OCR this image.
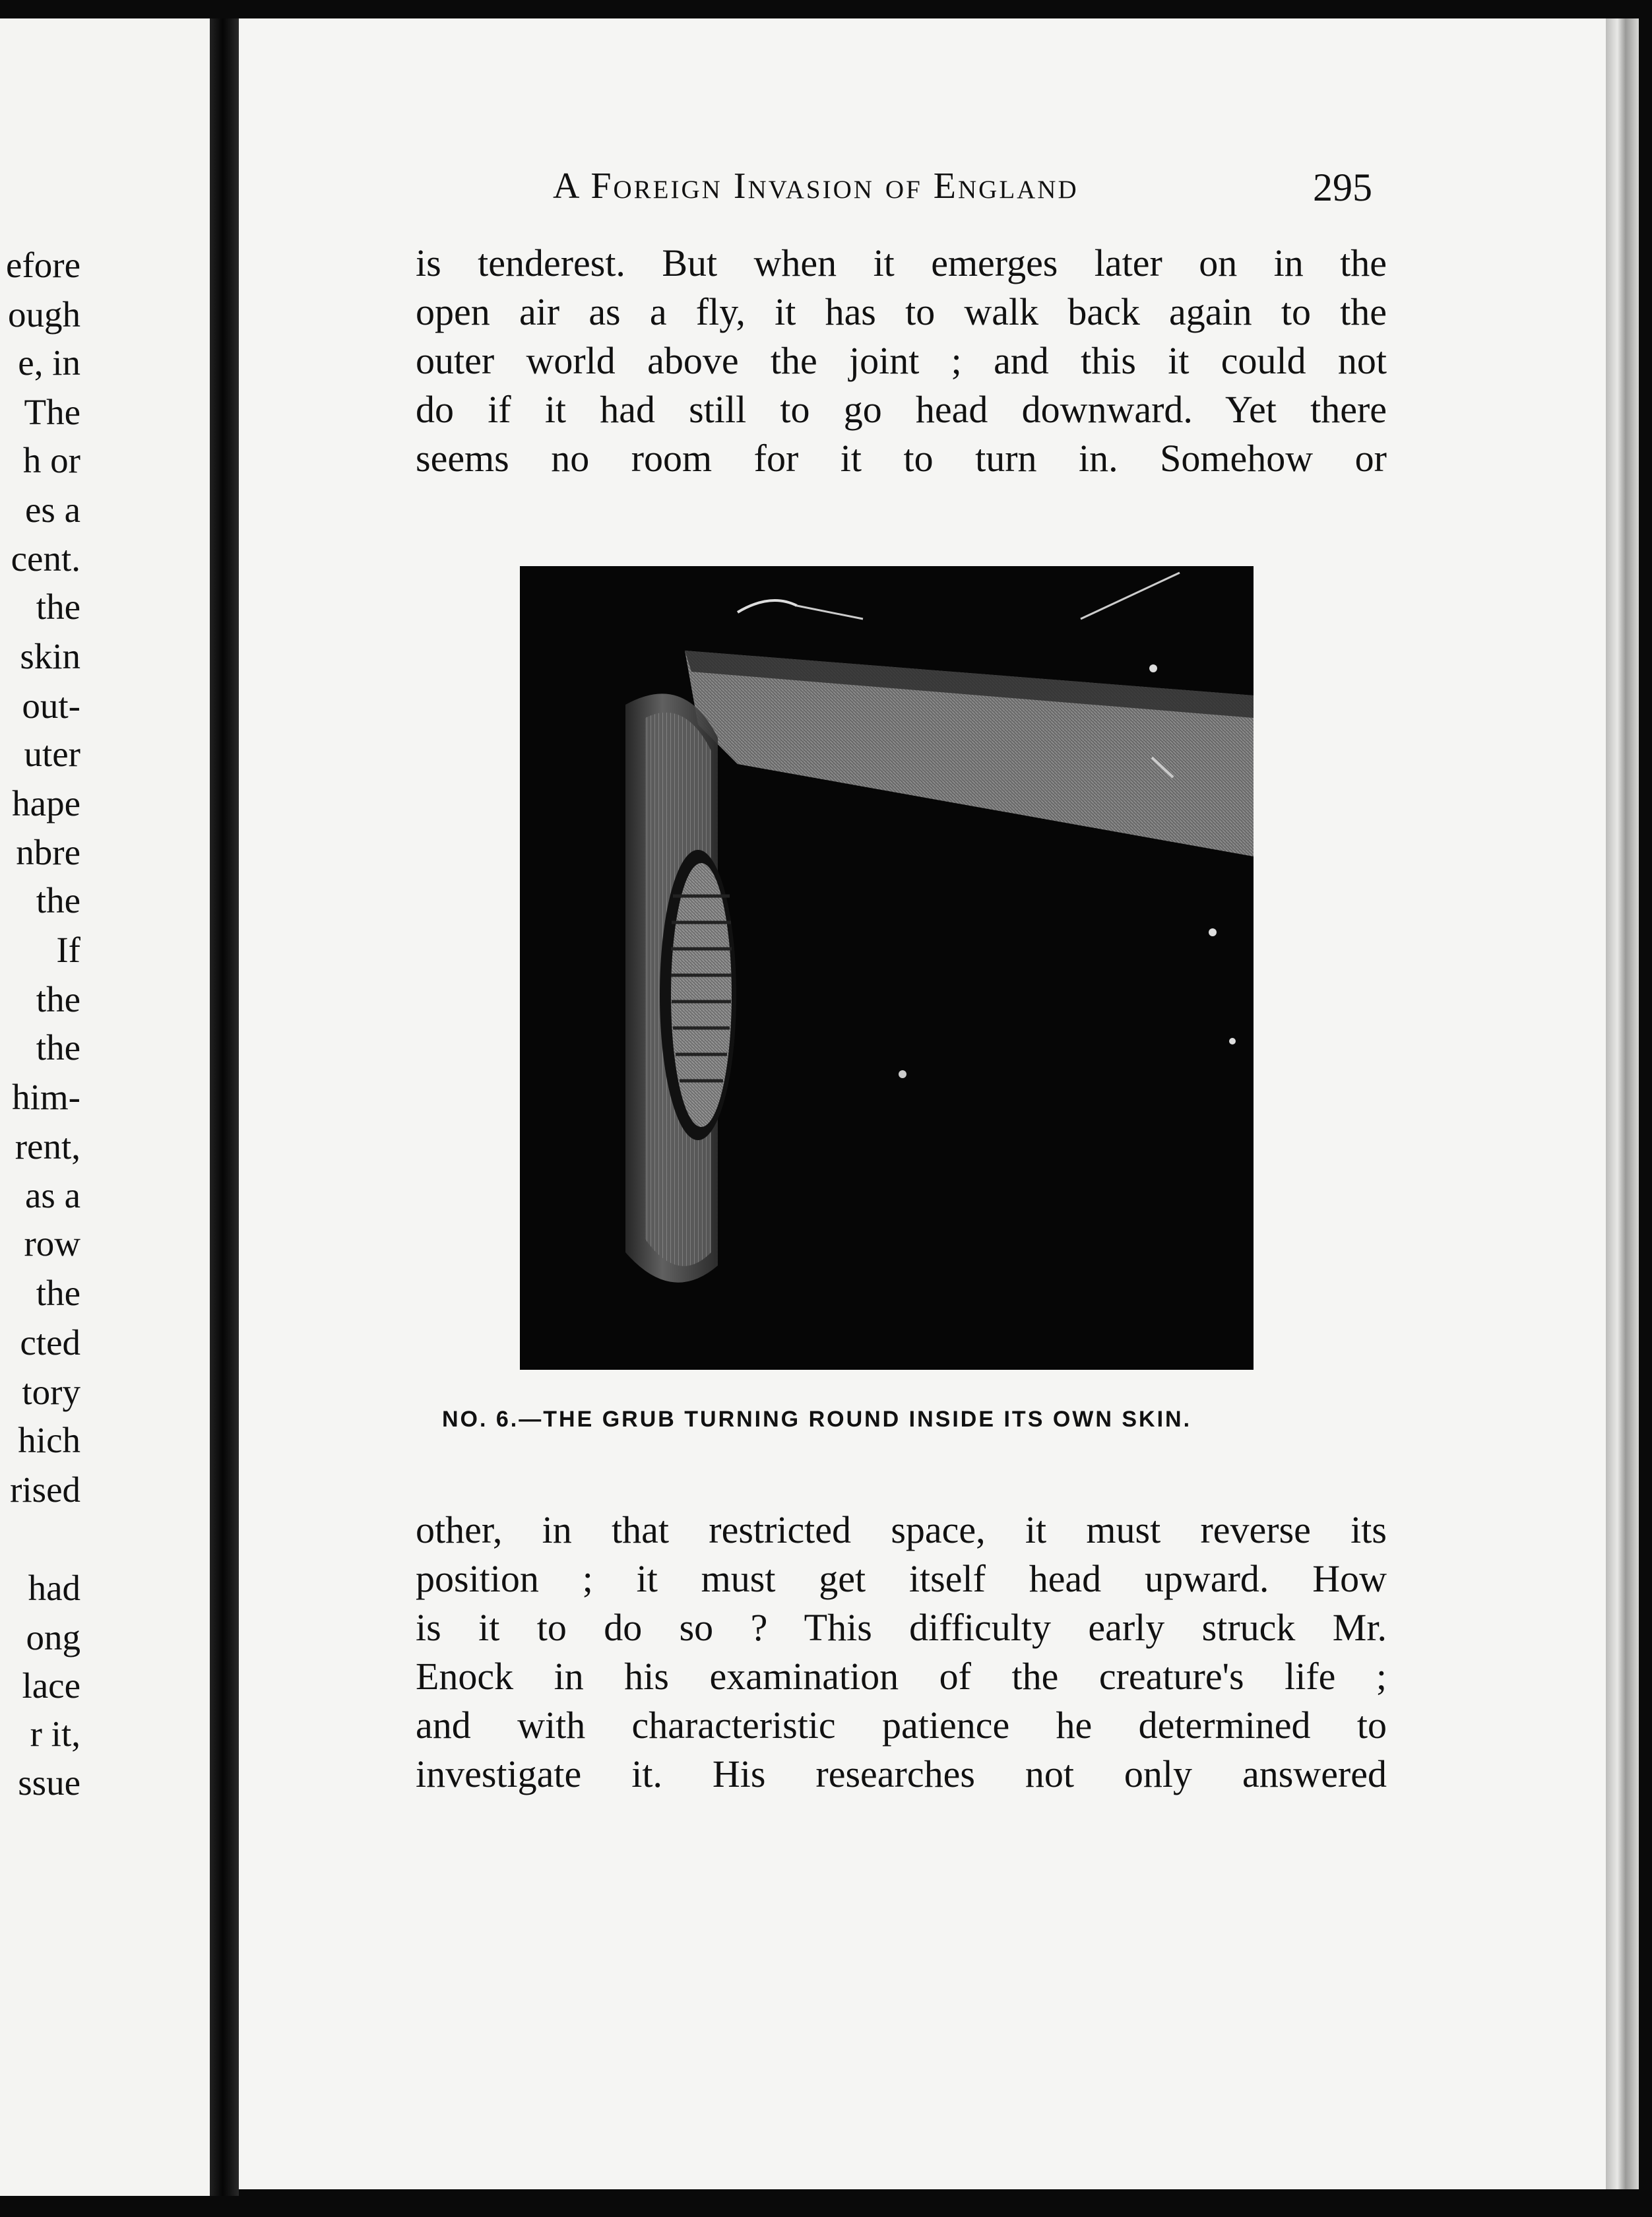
efore
ough
e, in
The
h or
es a
cent.
the
skin
out-
uter
hape
nbre
the
If
the
the
him-
rent,
as a
row
the
cted
tory
hich
rised
had
ong
lace
r it,
ssue
A Foreign Invasion of England	295
is tenderest. But when it emerges later on in the
open air as a fly, it has to walk back again to the
outer world above the joint ; and this it could not
do if it had still to go head downward. Yet there
seems no room for it to turn in. Somehow or
NO. 6.—THE GRUB TURNING ROUND INSIDE ITS OWN SKIN.
other, in that restricted space, it must reverse its
position ; it must get itself head upward. How
is it to do so ? This difficulty early struck Mr.
Enock in his examination of the creature's life ;
and with characteristic patience he determined to
investigate it. His researches not only answered
